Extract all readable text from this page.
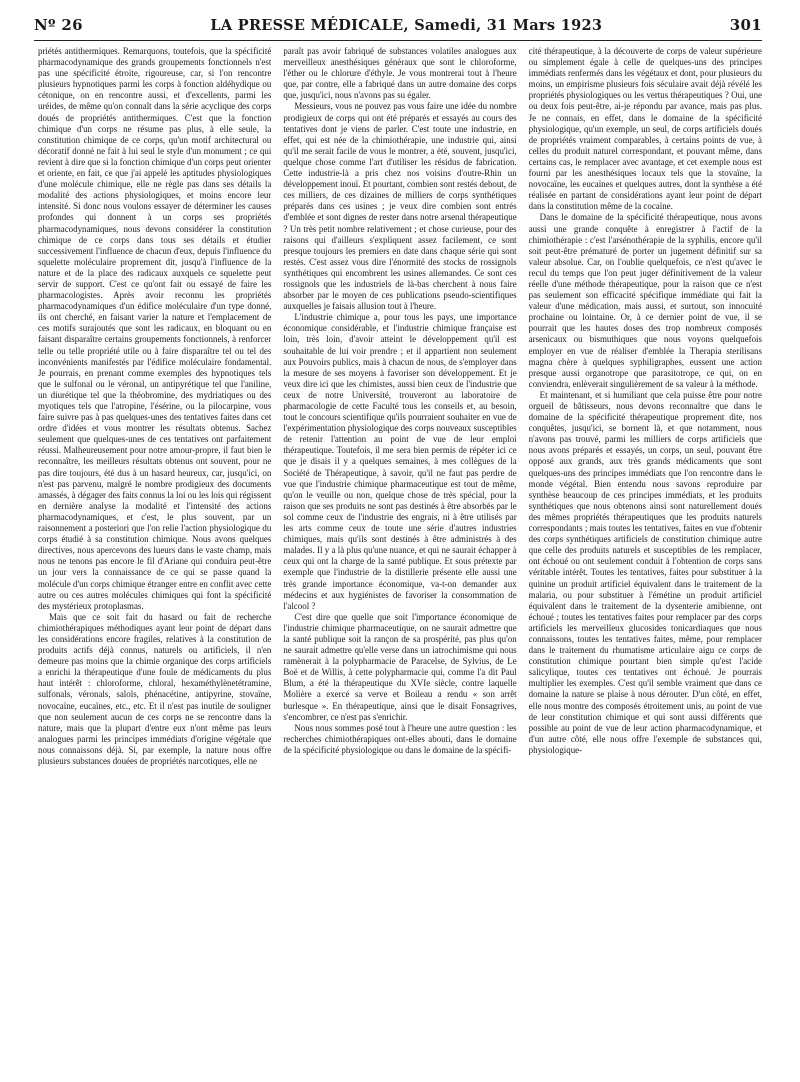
Nº 26	LA PRESSE MÉDICALE, Samedi, 31 Mars 1923	301

priétés antithermiques. Remarquons, toutefois, que la spécificité pharmacodynamique des grands groupements fonctionnels n'est pas une spécificité étroite, rigoureuse, car, si l'on rencontre plusieurs hypnotiques parmi les corps à fonction aldéhydique ou cétonique, on en rencontre aussi, et d'excellents, parmi les uréides, de même qu'on connaît dans la série acyclique des corps doués de propriétés antithermiques. C'est que la fonction chimique d'un corps ne résume pas plus, à elle seule, la constitution chimique de ce corps, qu'un motif architectural ou décoratif donné ne fait à lui seul le style d'un monument ; ce qui revient à dire que si la fonction chimique d'un corps peut orienter et oriente, en fait, ce que j'ai appelé les aptitudes physiologiques d'une molécule chimique, elle ne règle pas dans ses détails la modalité des actions physiologiques, et moins encore leur intensité. Si donc nous voulons essayer de déterminer les causes profondes qui donnent à un corps ses propriétés pharmacodynamiques, nous devons considérer la constitution chimique de ce corps dans tous ses détails et étudier successivement l'influence de chacun d'eux, depuis l'influence du squelette moléculaire proprement dit, jusqu'à l'influence de la nature et de la place des radicaux auxquels ce squelette peut servir de support. C'est ce qu'ont fait ou essayé de faire les pharmacologistes. Après avoir reconnu les propriétés pharmacodynamiques d'un édifice moléculaire d'un type donné, ils ont cherché, en faisant varier la nature et l'emplacement de ces motifs surajoutés que sont les radicaux, en bloquant ou en faisant disparaître certains groupements fonctionnels, à renforcer telle ou telle propriété utile ou à faire disparaître tel ou tel des inconvénients manifestés par l'édifice moléculaire fondamental. Je pourrais, en prenant comme exemples des hypnotiques tels que le sulfonal ou le véronal, un antipyrétique tel que l'aniline, un diurétique tel que la théobromine, des mydriatiques ou des myotiques tels que l'atropine, l'ésérine, ou la pilocarpine, vous faire suivre pas à pas quelques-unes des tentatives faites dans cet ordre d'idées et vous montrer les résultats obtenus. Sachez seulement que quelques-unes de ces tentatives ont parfaitement réussi. Malheureusement pour notre amour-propre, il faut bien le reconnaître, les meilleurs résultats obtenus ont souvent, pour ne pas dire toujours, été dus à un hasard heureux, car, jusqu'ici, on n'est pas parvenu, malgré le nombre prodigieux des documents amassés, à dégager des faits connus la loi ou les lois qui régissent en dernière analyse la modalité et l'intensité des actions pharmacodynamiques, et c'est, le plus souvent, par un raisonnement a posteriori que l'on relie l'action physiologique du corps étudié à sa constitution chimique. Nous avons quelques directives, nous apercevons des lueurs dans le vaste champ, mais nous ne tenons pas encore le fil d'Ariane qui conduira peut-être un jour vers la connaissance de ce qui se passe quand la molécule d'un corps chimique étranger entre en conflit avec cette autre ou ces autres molécules chimiques qui font la spécificité des mystérieux protoplasmas.

Mais que ce soit fait du hasard ou fait de recherche chimiothérapiques méthodiques ayant leur point de départ dans les considérations encore fragiles, relatives à la constitution de produits actifs déjà connus, naturels ou artificiels, il n'en demeure pas moins que la chimie organique des corps artificiels a enrichi la thérapeutique d'une foule de médicaments du plus haut intérêt : chloroforme, chloral, hexaméthylènetétramine, sulfonals, véronals, salols, phénacétine, antipyrine, stovaïne, novocaïne, eucaïnes, etc., etc. Et il n'est pas inutile de souligner que non seulement aucun de ces corps ne se rencontre dans la nature, mais que la plupart d'entre eux n'ont même pas leurs analogues parmi les principes immédiats d'origine végétale que nous connaissons déjà. Si, par exemple, la nature nous offre plusieurs substances douées de propriétés narcotiques, elle ne

paraît pas avoir fabriqué de substances volatiles analogues aux merveilleux anesthésiques généraux que sont le chloroforme, l'éther ou le chlorure d'éthyle. Je vous montrerai tout à l'heure que, par contre, elle a fabriqué dans un autre domaine des corps que, jusqu'ici, nous n'avons pas su égaler.

Messieurs, vous ne pouvez pas vous faire une idée du nombre prodigieux de corps qui ont été préparés et essayés au cours des tentatives dont je viens de parler. C'est toute une industrie, en effet, qui est née de la chimiothérapie, une industrie qui, ainsi qu'il me serait facile de vous le montrer, a été, souvent, jusqu'ici, quelque chose comme l'art d'utiliser les résidus de fabrication. Cette industrie-là a pris chez nos voisins d'outre-Rhin un développement inouï. Et pourtant, combien sont restés debout, de ces milliers, de ces dizaines de milliers de corps synthétiques préparés dans ces usines ; je veux dire combien sont entrés d'emblée et sont dignes de rester dans notre arsenal thérapeutique ? Un très petit nombre relativement ; et chose curieuse, pour des raisons qui d'ailleurs s'expliquent assez facilement, ce sont presque toujours les premiers en date dans chaque série qui sont restés. C'est assez vous dire l'énormité des stocks de rossignols synthétiques qui encombrent les usines allemandes. Ce sont ces rossignols que les industriels de là-bas cherchent à nous faire absorber par le moyen de ces publications pseudo-scientifiques auxquelles je faisais allusion tout à l'heure.

L'industrie chimique a, pour tous les pays, une importance économique considérable, et l'industrie chimique française est loin, très loin, d'avoir atteint le développement qu'il est souhaitable de lui voir prendre ; et il appartient non seulement aux Pouvoirs publics, mais à chacun de nous, de s'employer dans la mesure de ses moyens à favoriser son développement. Et je veux dire ici que les chimistes, aussi bien ceux de l'industrie que ceux de notre Université, trouveront au laboratoire de pharmacologie de cette Faculté tous les conseils et, au besoin, tout le concours scientifique qu'ils pourraient souhaiter en vue de l'expérimentation physiologique des corps nouveaux susceptibles de retenir l'attention au point de vue de leur emploi thérapeutique. Toutefois, il me sera bien permis de répéter ici ce que je disais il y a quelques semaines, à mes collègues de la Société de Thérapeutique, à savoir, qu'il ne faut pas perdre de vue que l'industrie chimique pharmaceutique est tout de même, qu'on le veuille ou non, quelque chose de très spécial, pour la raison que ses produits ne sont pas destinés à être absorbés par le sol comme ceux de l'industrie des engrais, ni à être utilisés par les arts comme ceux de toute une série d'autres industries chimiques, mais qu'ils sont destinés à être administrés à des malades. Il y a là plus qu'une nuance, et qui ne saurait échapper à ceux qui ont la charge de la santé publique. Et sous prétexte par exemple que l'industrie de la distillerie présente elle aussi une très grande importance économique, va-t-on demander aux médecins et aux hygiénistes de favoriser la consommation de l'alcool ?

C'est dire que quelle que soit l'importance économique de l'industrie chimique pharmaceutique, on ne saurait admettre que la santé publique soit la rançon de sa prospérité, pas plus qu'on ne saurait admettre qu'elle verse dans un iatrochimisme qui nous ramènerait à la polypharmacie de Paracelse, de Sylvius, de Le Boë et de Willis, à cette polypharmacie qui, comme l'a dit Paul Blum, a été la thérapeutique du XVIe siècle, contre laquelle Molière a exercé sa verve et Boileau a rendu « son arrêt burlesque ». En thérapeutique, ainsi que le disait Fonsagrives, s'encombrer, ce n'est pas s'enrichir.

Nous nous sommes posé tout à l'heure une autre question : les recherches chimiothérapiques ont-elles abouti, dans le domaine de la spécificité physiologique ou dans le domaine de la spécifi-

cité thérapeutique, à la découverte de corps de valeur supérieure ou simplement égale à celle de quelques-uns des principes immédiats renfermés dans les végétaux et dont, pour plusieurs du moins, un empirisme plusieurs fois séculaire avait déjà révélé les propriétés physiologiques ou les vertus thérapeutiques ? Oui, une ou deux fois peut-être, ai-je répondu par avance, mais pas plus. Je ne connais, en effet, dans le domaine de la spécificité physiologique, qu'un exemple, un seul, de corps artificiels doués de propriétés vraiment comparables, à certains points de vue, à celles du produit naturel correspondant, et pouvant même, dans certains cas, le remplacer avec avantage, et cet exemple nous est fourni par les anesthésiques locaux tels que la stovaïne, la novocaïne, les eucaïnes et quelques autres, dont la synthèse a été réalisée en partant de considérations ayant leur point de départ dans la constitution même de la cocaïne.

Dans le domaine de la spécificité thérapeutique, nous avons aussi une grande conquête à enregistrer à l'actif de la chimiothérapie : c'est l'arsénothérapie de la syphilis, encore qu'il soit peut-être prématuré de porter un jugement définitif sur sa valeur absolue. Car, on l'oublie quelquefois, ce n'est qu'avec le recul du temps que l'on peut juger définitivement de la valeur réelle d'une méthode thérapeutique, pour la raison que ce n'est pas seulement son efficacité spécifique immédiate qui fait la valeur d'une médication, mais aussi, et surtout, son innocuité prochaine ou lointaine. Or, à ce dernier point de vue, il se pourrait que les hautes doses des trop nombreux composés arsenicaux ou bismuthiques que nous voyons quelquefois employer en vue de réaliser d'emblée la Therapia sterilisans magna chère à quelques syphiligraphes, eussent une action presque aussi organotrope que parasitotrope, ce qui, on en conviendra, enlèverait singulièrement de sa valeur à la méthode.

Et maintenant, et si humiliant que cela puisse être pour notre orgueil de bâtisseurs, nous devons reconnaître que dans le domaine de la spécificité thérapeutique proprement dite, nos conquêtes, jusqu'ici, se bornent là, et que notamment, nous n'avons pas trouvé, parmi les milliers de corps artificiels que nous avons préparés et essayés, un corps, un seul, pouvant être opposé aux grands, aux très grands médicaments que sont quelques-uns des principes immédiats que l'on rencontre dans le monde végétal. Bien entendu nous savons reproduire par synthèse beaucoup de ces principes immédiats, et les produits synthétiques que nous obtenons ainsi sont naturellement doués des mêmes propriétés thérapeutiques que les produits naturels correspondants ; mais toutes les tentatives, faites en vue d'obtenir des corps synthétiques artificiels de constitution chimique autre que celle des produits naturels et susceptibles de les remplacer, ont échoué ou ont seulement conduit à l'obtention de corps sans véritable intérêt. Toutes les tentatives, faites pour substituer à la quinine un produit artificiel équivalent dans le traitement de la malaria, ou pour substituer à l'émétine un produit artificiel équivalent dans le traitement de la dysenterie amibienne, ont échoué ; toutes les tentatives faites pour remplacer par des corps artificiels les merveilleux glucosides tonicardiaques que nous connaissons, toutes les tentatives faites, même, pour remplacer dans le traitement du rhumatisme articulaire aigu ce corps de constitution chimique pourtant bien simple qu'est l'acide salicylique, toutes ces tentatives ont échoué. Je pourrais multiplier les exemples. C'est qu'il semble vraiment que dans ce domaine la nature se plaise à nous dérouter. D'un côté, en effet, elle nous montre des composés étroitement unis, au point de vue de leur constitution chimique et qui sont aussi différents que possible au point de vue de leur action pharmacodynamique, et d'un autre côté, elle nous offre l'exemple de substances qui, physiologique-
